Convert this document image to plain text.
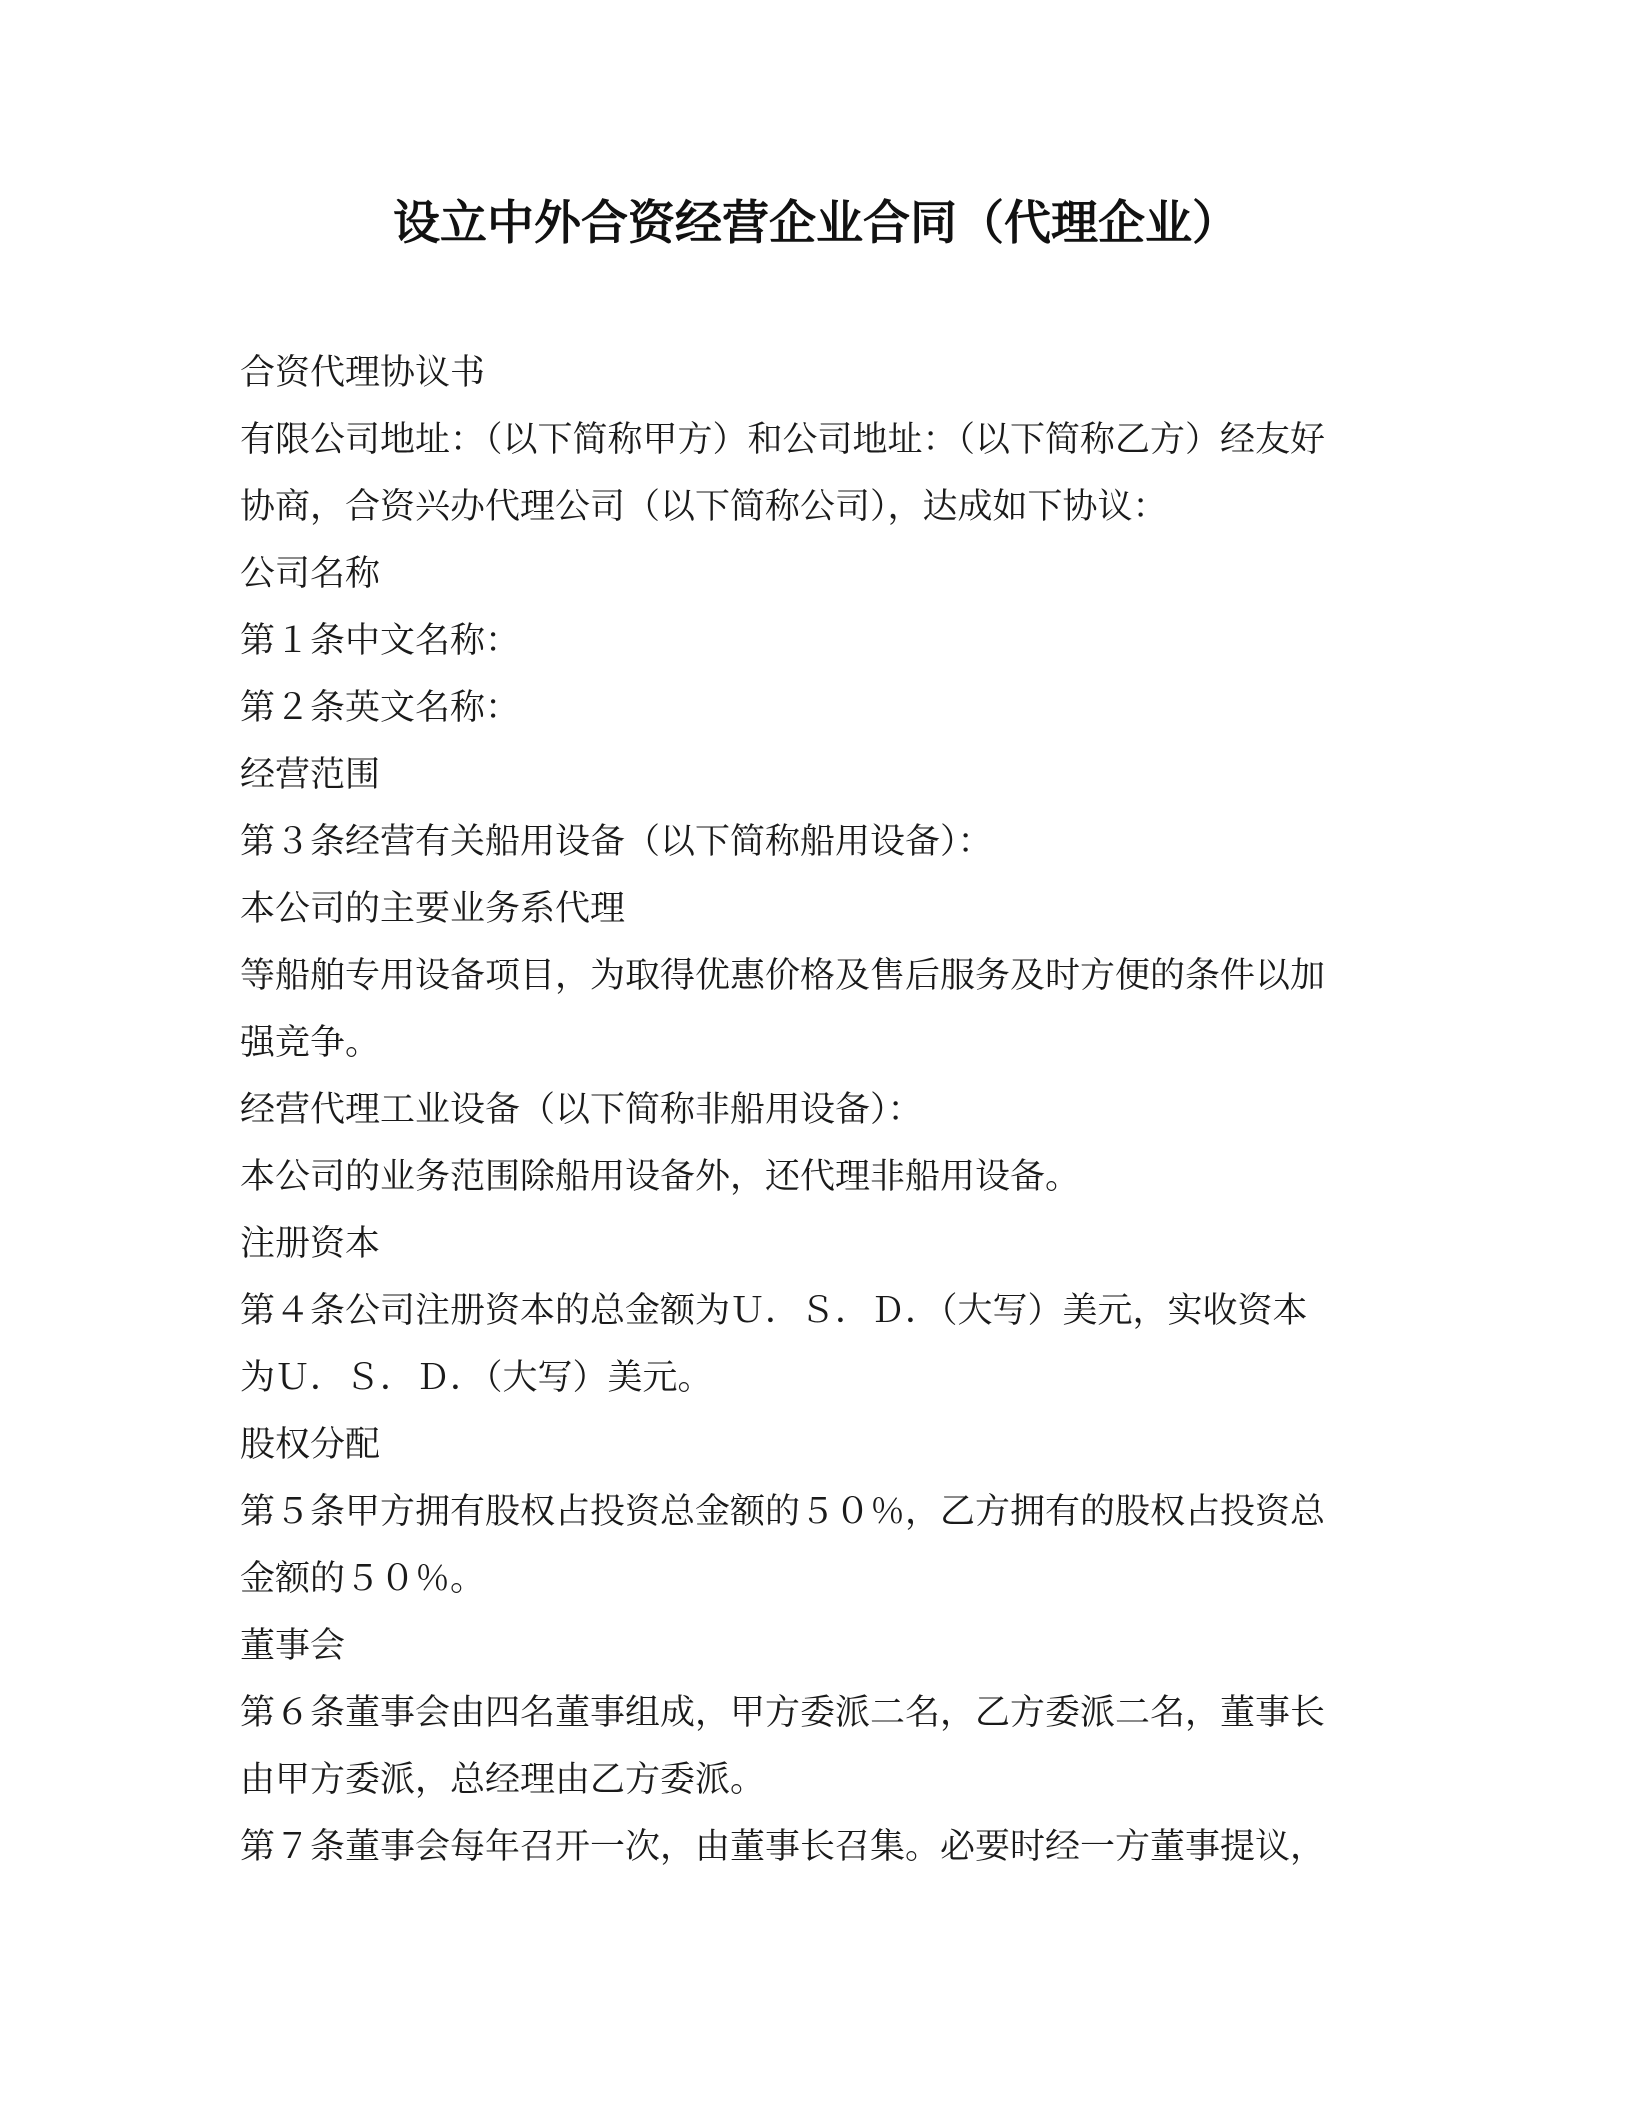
设立中外合资经营企业合同（代理企业）
合资代理协议书
有限公司地址：（以下简称甲方）和公司地址：（以下简称乙方）经友好
协商，合资兴办代理公司（以下简称公司），达成如下协议：
公司名称
第１条中文名称：
第２条英文名称：
经营范围
第３条经营有关船用设备（以下简称船用设备）：
本公司的主要业务系代理
等船舶专用设备项目，为取得优惠价格及售后服务及时方便的条件以加
强竞争。
经营代理工业设备（以下简称非船用设备）：
本公司的业务范围除船用设备外，还代理非船用设备。
注册资本
第４条公司注册资本的总金额为Ｕ．Ｓ．Ｄ．（大写）美元，实收资本
为Ｕ．Ｓ．Ｄ．（大写）美元。
股权分配
第５条甲方拥有股权占投资总金额的５０％，乙方拥有的股权占投资总
金额的５０％。
董事会
第６条董事会由四名董事组成，甲方委派二名，乙方委派二名，董事长
由甲方委派，总经理由乙方委派。
第７条董事会每年召开一次，由董事长召集。必要时经一方董事提议，
